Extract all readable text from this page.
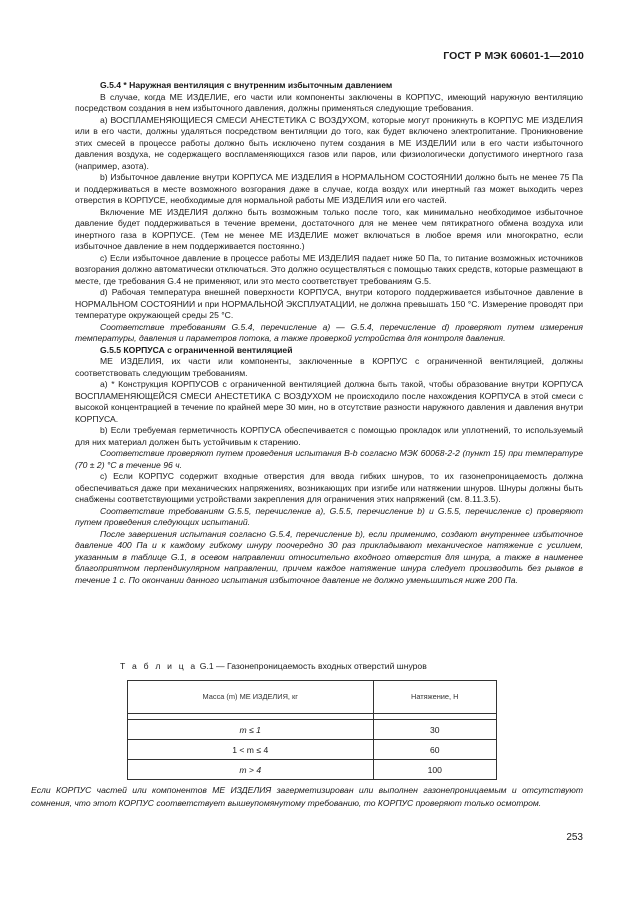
ГОСТ Р МЭК 60601-1—2010

G.5.4 * Наружная вентиляция с внутренним избыточным давлением

В случае, когда МЕ ИЗДЕЛИЕ, его части или компоненты заключены в КОРПУС, имеющий наружную вентиляцию посредством создания в нем избыточного давления, должны применяться следующие требования.

а) ВОСПЛАМЕНЯЮЩИЕСЯ СМЕСИ АНЕСТЕТИКА С ВОЗДУХОМ, которые могут проникнуть в КОРПУС МЕ ИЗДЕЛИЯ или в его части, должны удаляться посредством вентиляции до того, как будет включено электропитание. Проникновение этих смесей в процессе работы должно быть исключено путем создания в МЕ ИЗДЕЛИИ или в его части избыточного давления воздуха, не содержащего воспламеняющихся газов или паров, или физиологически допустимого инертного газа (например, азота).

b) Избыточное давление внутри КОРПУСА МЕ ИЗДЕЛИЯ в НОРМАЛЬНОМ СОСТОЯНИИ должно быть не менее 75 Па и поддерживаться в месте возможного возгорания даже в случае, когда воздух или инертный газ может выходить через отверстия в КОРПУСЕ, необходимые для нормальной работы МЕ ИЗДЕЛИЯ или его частей.

Включение МЕ ИЗДЕЛИЯ должно быть возможным только после того, как минимально необходимое избыточное давление будет поддерживаться в течение времени, достаточного для не менее чем пятикратного обмена воздуха или инертного газа в КОРПУСЕ. (Тем не менее МЕ ИЗДЕЛИЕ может включаться в любое время или многократно, если избыточное давление в нем поддерживается постоянно.)

с) Если избыточное давление в процессе работы МЕ ИЗДЕЛИЯ падает ниже 50 Па, то питание возможных источников возгорания должно автоматически отключаться. Это должно осуществляться с помощью таких средств, которые размещают в месте, где требования G.4 не применяют, или это место соответствует требованиям G.5.

d) Рабочая температура внешней поверхности КОРПУСА, внутри которого поддерживается избыточное давление в НОРМАЛЬНОМ СОСТОЯНИИ и при НОРМАЛЬНОЙ ЭКСПЛУАТАЦИИ, не должна превышать 150 °С. Измерение проводят при температуре окружающей среды 25 °С.

Соответствие требованиям G.5.4, перечисление а) — G.5.4, перечисление d) проверяют путем измерения температуры, давления и параметров потока, а также проверкой устройства для контроля давления.

G.5.5 КОРПУСА с ограниченной вентиляцией

МЕ ИЗДЕЛИЯ, их части или компоненты, заключенные в КОРПУС с ограниченной вентиляцией, должны соответствовать следующим требованиям.

а) * Конструкция КОРПУСОВ с ограниченной вентиляцией должна быть такой, чтобы образование внутри КОРПУСА ВОСПЛАМЕНЯЮЩЕЙСЯ СМЕСИ АНЕСТЕТИКА С ВОЗДУХОМ не происходило после нахождения КОРПУСА в этой смеси с высокой концентрацией в течение по крайней мере 30 мин, но в отсутствие разности наружного давления и давления внутри КОРПУСА.

b) Если требуемая герметичность КОРПУСА обеспечивается с помощью прокладок или уплотнений, то используемый для них материал должен быть устойчивым к старению.

Соответствие проверяют путем проведения испытания В-b согласно МЭК 60068-2-2 (пункт 15) при температуре (70 ± 2) °С в течение 96 ч.

с) Если КОРПУС содержит входные отверстия для ввода гибких шнуров, то их газонепроницаемость должна обеспечиваться даже при механических напряжениях, возникающих при изгибе или натяжении шнуров. Шнуры должны быть снабжены соответствующими устройствами закрепления для ограничения этих напряжений (см. 8.11.3.5).

Соответствие требованиям G.5.5, перечисление а), G.5.5, перечисление b) и G.5.5, перечисление с) проверяют путем проведения следующих испытаний.

После завершения испытания согласно G.5.4, перечисление b), если применимо, создают внутреннее избыточное давление 400 Па и к каждому гибкому шнуру поочередно 30 раз прикладывают механическое натяжение с усилием, указанным в таблице G.1, в осевом направлении относительно входного отверстия для шнура, а также в наименее благоприятном перпендикулярном направлении, причем каждое натяжение шнура следует производить без рывков в течение 1 с. По окончании данного испытания избыточное давление не должно уменьшиться ниже 200 Па.

Т а б л и ц а G.1 — Газонепроницаемость входных отверстий шнуров
Масса (m) МЕ ИЗДЕЛИЯ, кг	Натяжение, Н

m ≤ 1	30
1 < m ≤ 4	60
m > 4	100
Если КОРПУС частей или компонентов МЕ ИЗДЕЛИЯ загерметизирован или выполнен газонепроницаемым и отсутствуют сомнения, что этот КОРПУС соответствует вышеупомянутому требованию, то КОРПУС проверяют только осмотром.
253
